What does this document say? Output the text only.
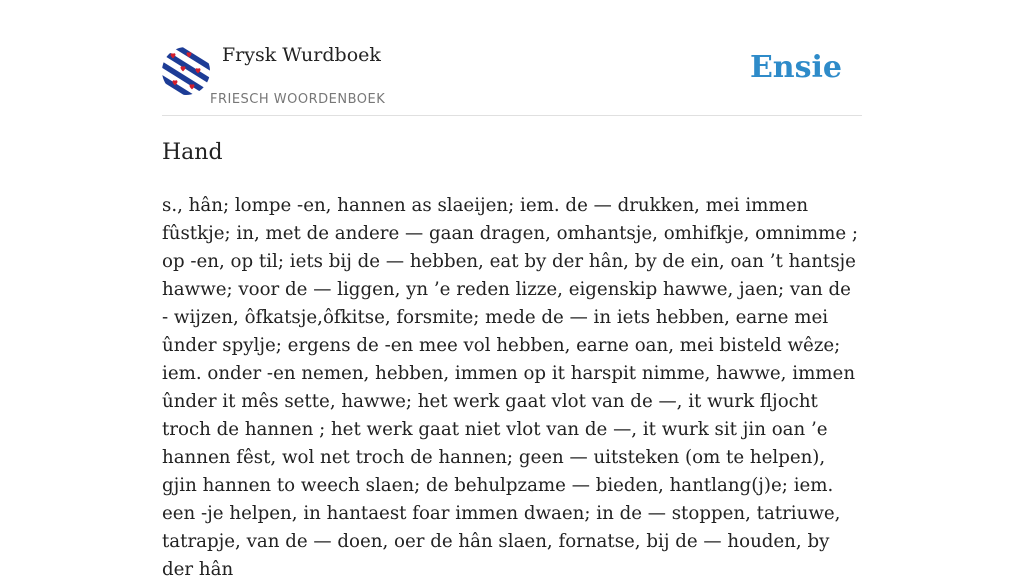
Frysk Wurdboek
FRIESCH WOORDENBOEK
Ensie
Hand

s., hân; lompe -en, hannen as slaeijen; iem. de — drukken, mei immen fûstkje; in, met de andere — gaan dragen, omhantsje, omhifkje, omnimme ; op -en, op til; iets bij de — hebben, eat by der hân, by de ein, oan ’t hantsje hawwe; voor de — liggen, yn ’e reden lizze, eigenskip hawwe, jaen; van de - wijzen, ôfkatsje,ôfkitse, forsmite; mede de — in iets hebben, earne mei ûnder spylje; ergens de -en mee vol hebben, earne oan, mei bisteld wêze; iem. onder -en nemen, hebben, immen op it harspit nimme, hawwe, immen ûnder it mês sette, hawwe; het werk gaat vlot van de —, it wurk fljocht troch de hannen ; het werk gaat niet vlot van de —, it wurk sit jin oan ’e hannen fêst, wol net troch de hannen; geen — uitsteken (om te helpen), gjin hannen to weech slaen; de behulpzame — bieden, hantlang(j)e; iem. een -je helpen, in hantaest foar immen dwaen; in de — stoppen, tatriuwe, tatrapje, van de — doen, oer de hân slaen, fornatse, bij de — houden, by der hân
